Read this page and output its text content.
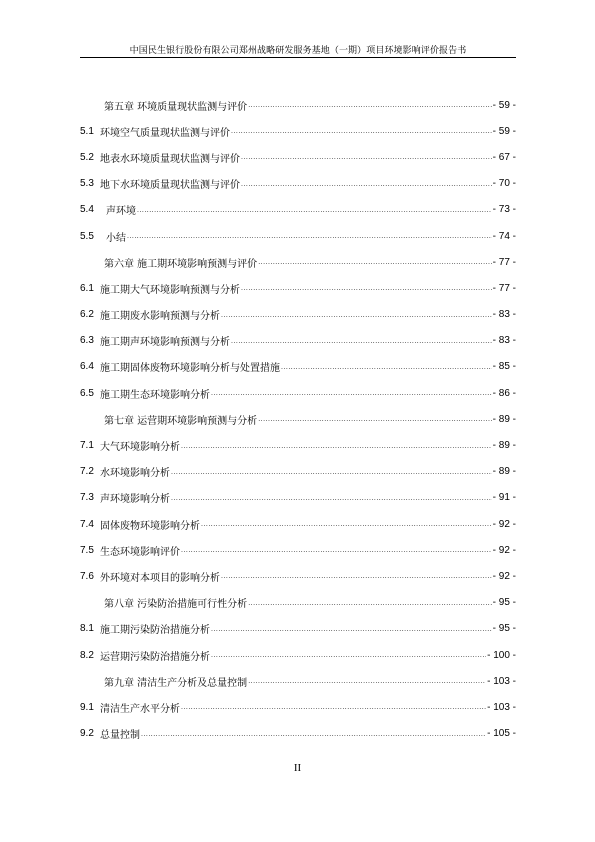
中国民生银行股份有限公司郑州战略研发服务基地（一期）项目环境影响评价报告书
第五章 环境质量现状监测与评价 .....	- 59 -
5.1 环境空气质量现状监测与评价 .....	- 59 -
5.2 地表水环境质量现状监测与评价 .....	- 67 -
5.3 地下水环境质量现状监测与评价 .....	- 70 -
5.4	声环境 .....	- 73 -
5.5	小结 .....	- 74 -
第六章 施工期环境影响预测与评价 .....	- 77 -
6.1 施工期大气环境影响预测与分析 .....	- 77 -
6.2 施工期废水影响预测与分析 .....	- 83 -
6.3 施工期声环境影响预测与分析 .....	- 83 -
6.4 施工期固体废物环境影响分析与处置措施 .....	- 85 -
6.5 施工期生态环境影响分析 .....	- 86 -
第七章 运营期环境影响预测与分析 .....	- 89 -
7.1 大气环境影响分析 .....	- 89 -
7.2 水环境影响分析 .....	- 89 -
7.3 声环境影响分析 .....	- 91 -
7.4 固体废物环境影响分析 .....	- 92 -
7.5 生态环境影响评价 .....	- 92 -
7.6 外环境对本项目的影响分析 .....	- 92 -
第八章 污染防治措施可行性分析 .....	- 95 -
8.1 施工期污染防治措施分析 .....	- 95 -
8.2 运营期污染防治措施分析 .....	- 100 -
第九章 清洁生产分析及总量控制 .....	- 103 -
9.1 清洁生产水平分析 .....	- 103 -
9.2 总量控制 .....	- 105 -
II
